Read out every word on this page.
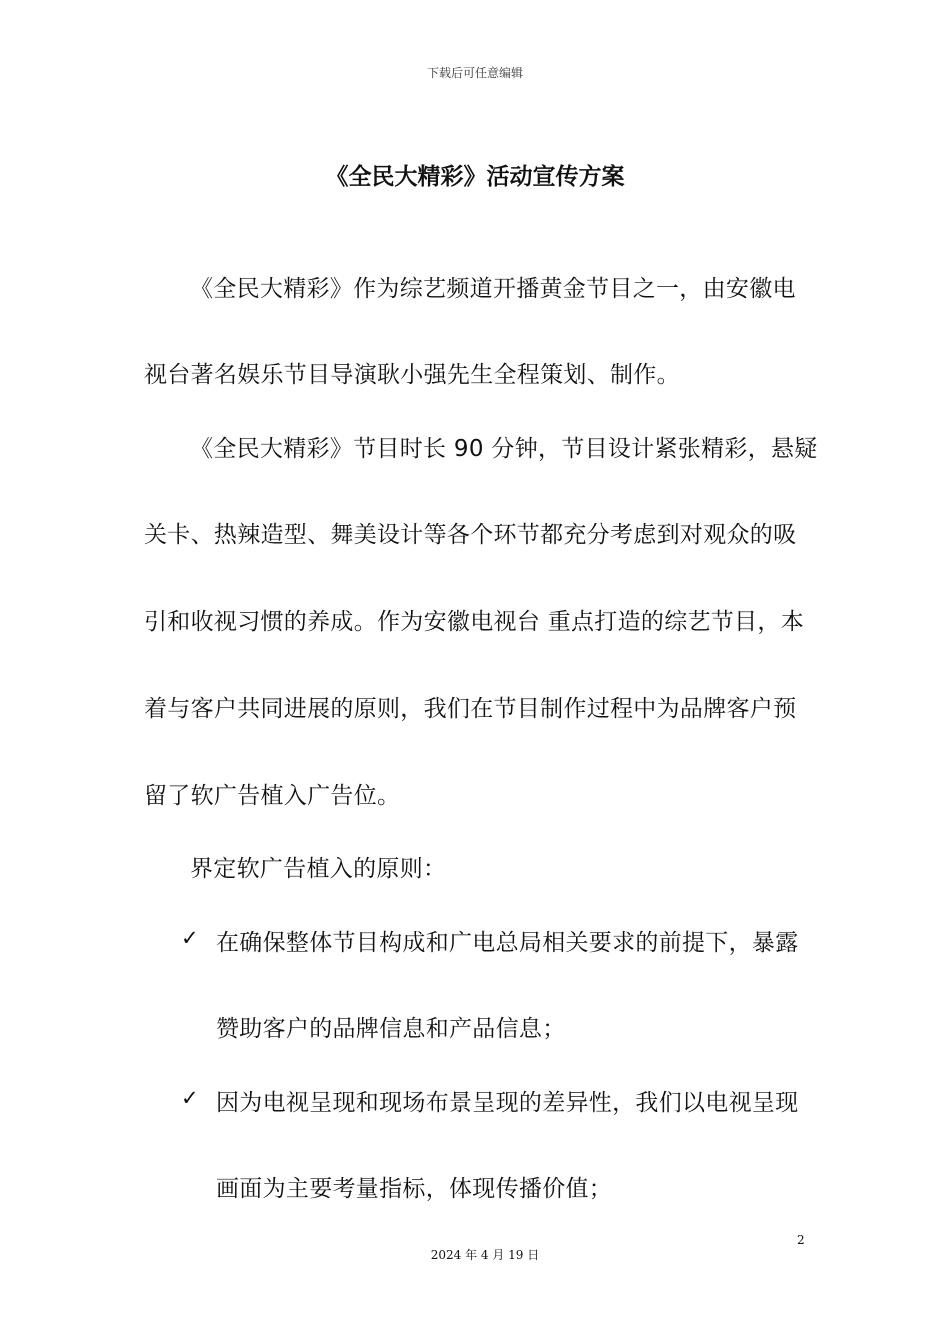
下载后可任意编辑
《全民大精彩》活动宣传方案
《全民大精彩》作为综艺频道开播黄金节目之一，由安徽电
视台著名娱乐节目导演耿小强先生全程策划、制作。
《全民大精彩》节目时长 90 分钟，节目设计紧张精彩，悬疑
关卡、热辣造型、舞美设计等各个环节都充分考虑到对观众的吸
引和收视习惯的养成。作为安徽电视台 重点打造的综艺节目，本
着与客户共同进展的原则，我们在节目制作过程中为品牌客户预
留了软广告植入广告位。
界定软广告植入的原则：
✓ 在确保整体节目构成和广电总局相关要求的前提下，暴露
赞助客户的品牌信息和产品信息；
✓ 因为电视呈现和现场布景呈现的差异性，我们以电视呈现
画面为主要考量指标，体现传播价值；
2
2024 年 4 月 19 日
